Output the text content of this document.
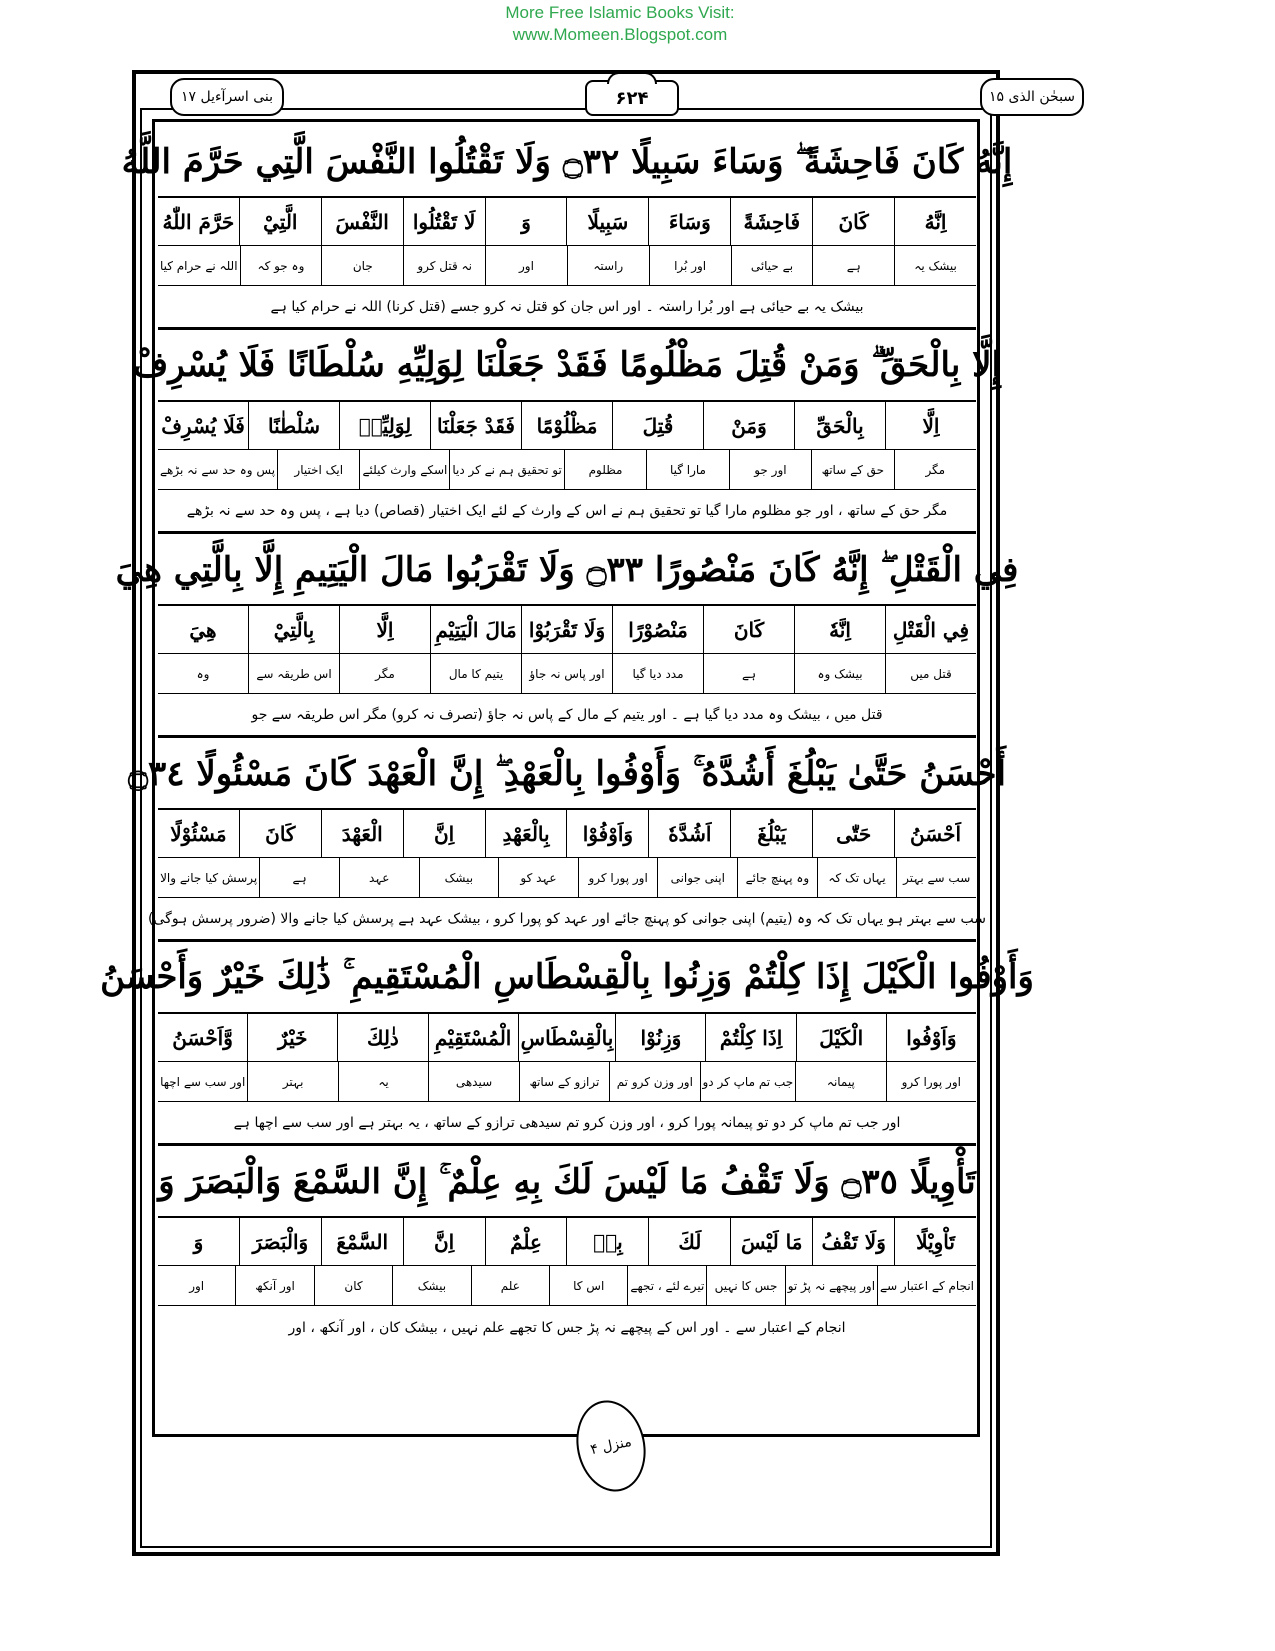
More Free Islamic Books Visit:
www.Momeen.Blogspot.com
بنی اسرآءیل ۱۷	۶۲۴	سبحٰن الذی ۱۵
إِنَّهُ كَانَ فَاحِشَةً ۖ وَسَاءَ سَبِيلًا ۝٣٢ وَلَا تَقْتُلُوا النَّفْسَ الَّتِي حَرَّمَ اللَّهُ
اِنَّهُ
كَانَ
فَاحِشَةً
وَسَاءَ
سَبِيلًا
وَ
لَا تَقْتُلُوا
النَّفْسَ
الَّتِيْ
حَرَّمَ اللّٰهُ
بیشک یہ
ہے
بے حیائی
اور بُرا
راستہ
اور
نہ قتل کرو
جان
وہ جو کہ
اللہ نے حرام کیا
بیشک یہ بے حیائی ہے اور بُرا راستہ ۔ اور اس جان کو قتل نہ کرو جسے (قتل کرنا) اللہ نے حرام کیا ہے
إِلَّا بِالْحَقِّ ۗ وَمَنْ قُتِلَ مَظْلُومًا فَقَدْ جَعَلْنَا لِوَلِيِّهِ سُلْطَانًا فَلَا يُسْرِفْ
اِلَّا
بِالْحَقِّ
وَمَنْ
قُتِلَ
مَظْلُوْمًا
فَقَدْ جَعَلْنَا
لِوَلِيِّهٖ
سُلْطٰنًا
فَلَا يُسْرِفْ
مگر
حق کے ساتھ
اور جو
مارا گیا
مظلوم
تو تحقیق ہم نے کر دیا
اسکے وارث کیلئے
ایک اختیار
پس وہ حد سے نہ بڑھے
مگر حق کے ساتھ ، اور جو مظلوم مارا گیا تو تحقیق ہم نے اس کے وارث کے لئے ایک اختیار (قصاص) دیا ہے ، پس وہ حد سے نہ بڑھے
فِي الْقَتْلِ ۖ إِنَّهُ كَانَ مَنْصُورًا ۝٣٣ وَلَا تَقْرَبُوا مَالَ الْيَتِيمِ إِلَّا بِالَّتِي هِيَ
فِي الْقَتْلِ
اِنَّهٗ
كَانَ
مَنْصُوْرًا
وَلَا تَقْرَبُوْا
مَالَ الْيَتِيْمِ
اِلَّا
بِالَّتِيْ
هِيَ
قتل میں
بیشک وہ
ہے
مدد دیا گیا
اور پاس نہ جاؤ
یتیم کا مال
مگر
اس طریقہ سے
وہ
قتل میں ، بیشک وہ مدد دیا گیا ہے ۔ اور یتیم کے مال کے پاس نہ جاؤ (تصرف نہ کرو) مگر اس طریقہ سے جو
أَحْسَنُ حَتَّىٰ يَبْلُغَ أَشُدَّهُ ۚ وَأَوْفُوا بِالْعَهْدِ ۖ إِنَّ الْعَهْدَ كَانَ مَسْئُولًا ۝٣٤
اَحْسَنُ
حَتّٰى
يَبْلُغَ
اَشُدَّهٗ
وَاَوْفُوْا
بِالْعَهْدِ
اِنَّ
الْعَهْدَ
كَانَ
مَسْئُوْلًا
سب سے بہتر
یہاں تک کہ
وہ پہنچ جائے
اپنی جوانی
اور پورا کرو
عہد کو
بیشک
عہد
ہے
پرسش کیا جانے والا
سب سے بہتر ہو یہاں تک کہ وہ (یتیم) اپنی جوانی کو پہنچ جائے اور عہد کو پورا کرو ، بیشک عہد ہے پرسش کیا جانے والا (ضرور پرسش ہوگی)
وَأَوْفُوا الْكَيْلَ إِذَا كِلْتُمْ وَزِنُوا بِالْقِسْطَاسِ الْمُسْتَقِيمِ ۚ ذَٰلِكَ خَيْرٌ وَأَحْسَنُ
وَاَوْفُوا
الْكَيْلَ
اِذَا كِلْتُمْ
وَزِنُوْا
بِالْقِسْطَاسِ
الْمُسْتَقِيْمِ
ذٰلِكَ
خَيْرٌ
وَّاَحْسَنُ
اور پورا کرو
پیمانہ
جب تم ماپ کر دو
اور وزن کرو تم
ترازو کے ساتھ
سیدھی
یہ
بہتر
اور سب سے اچھا
اور جب تم ماپ کر دو تو پیمانہ پورا کرو ، اور وزن کرو تم سیدھی ترازو کے ساتھ ، یہ بہتر ہے اور سب سے اچھا ہے
تَأْوِيلًا ۝٣٥ وَلَا تَقْفُ مَا لَيْسَ لَكَ بِهِ عِلْمٌ ۚ إِنَّ السَّمْعَ وَالْبَصَرَ وَ
تَاْوِيْلًا
وَلَا تَقْفُ
مَا لَيْسَ
لَكَ
بِهٖ
عِلْمٌ
اِنَّ
السَّمْعَ
وَالْبَصَرَ
وَ
انجام کے اعتبار سے
اور پیچھے نہ پڑ تو
جس کا نہیں
تیرے لئے ، تجھے
اس کا
علم
بیشک
کان
اور آنکھ
اور
انجام کے اعتبار سے ۔ اور اس کے پیچھے نہ پڑ جس کا تجھے علم نہیں ، بیشک کان ، اور آنکھ ، اور
منزل ۴
